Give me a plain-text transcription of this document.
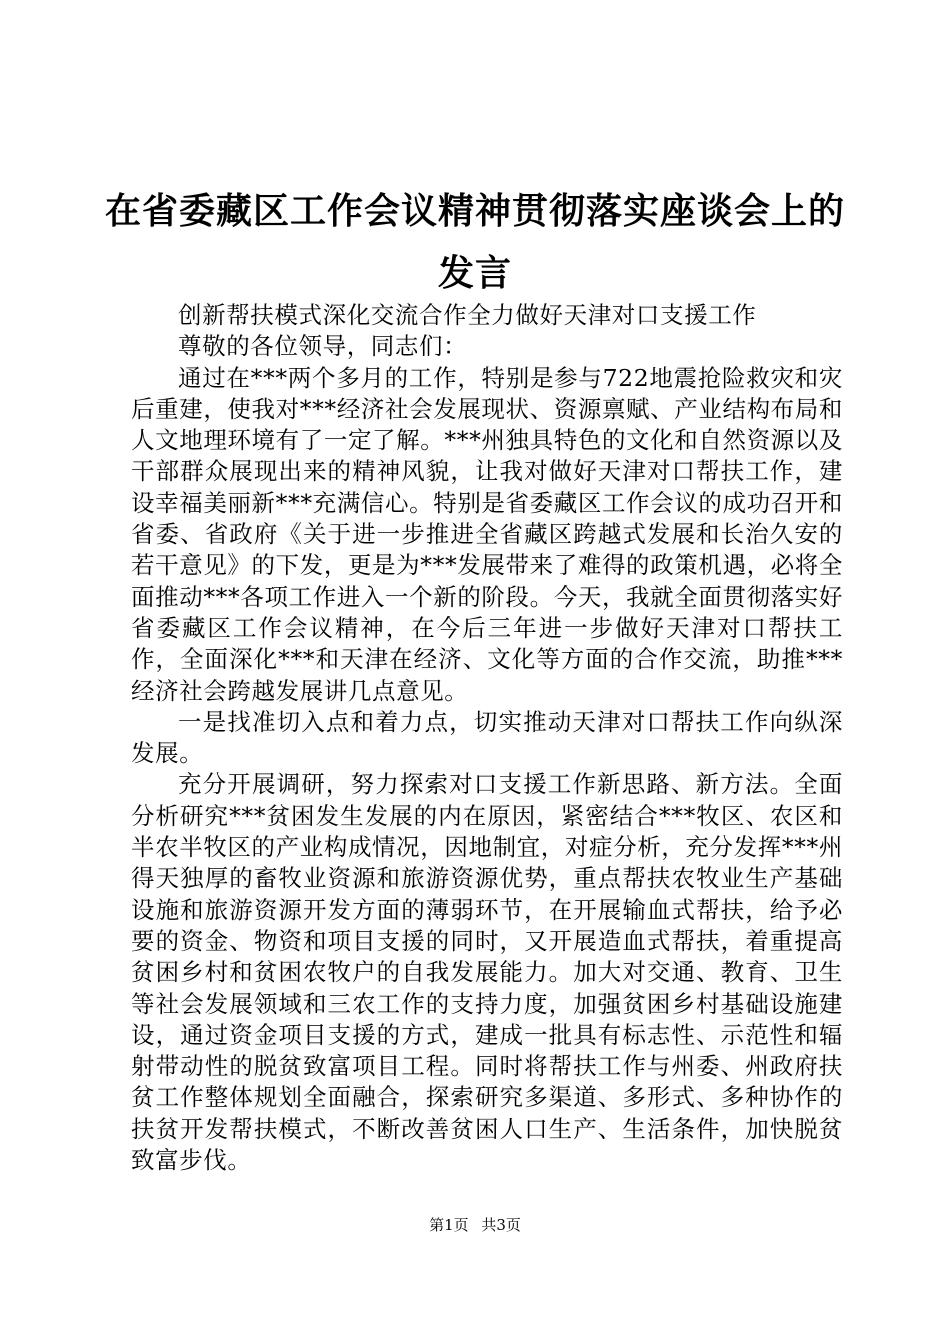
在省委藏区工作会议精神贯彻落实座谈会上的发言

创新帮扶模式深化交流合作全力做好天津对口支援工作

尊敬的各位领导，同志们：

通过在***两个多月的工作，特别是参与722地震抢险救灾和灾后重建，使我对***经济社会发展现状、资源禀赋、产业结构布局和人文地理环境有了一定了解。***州独具特色的文化和自然资源以及干部群众展现出来的精神风貌，让我对做好天津对口帮扶工作，建设幸福美丽新***充满信心。特别是省委藏区工作会议的成功召开和省委、省政府《关于进一步推进全省藏区跨越式发展和长治久安的若干意见》的下发，更是为***发展带来了难得的政策机遇，必将全面推动***各项工作进入一个新的阶段。今天，我就全面贯彻落实好省委藏区工作会议精神，在今后三年进一步做好天津对口帮扶工作，全面深化***和天津在经济、文化等方面的合作交流，助推***经济社会跨越发展讲几点意见。

一是找准切入点和着力点，切实推动天津对口帮扶工作向纵深发展。

充分开展调研，努力探索对口支援工作新思路、新方法。全面分析研究***贫困发生发展的内在原因，紧密结合***牧区、农区和半农半牧区的产业构成情况，因地制宜，对症分析，充分发挥***州得天独厚的畜牧业资源和旅游资源优势，重点帮扶农牧业生产基础设施和旅游资源开发方面的薄弱环节，在开展输血式帮扶，给予必要的资金、物资和项目支援的同时，又开展造血式帮扶，着重提高贫困乡村和贫困农牧户的自我发展能力。加大对交通、教育、卫生等社会发展领域和三农工作的支持力度，加强贫困乡村基础设施建设，通过资金项目支援的方式，建成一批具有标志性、示范性和辐射带动性的脱贫致富项目工程。同时将帮扶工作与州委、州政府扶贫工作整体规划全面融合，探索研究多渠道、多形式、多种协作的扶贫开发帮扶模式，不断改善贫困人口生产、生活条件，加快脱贫致富步伐。

第1页 共3页
